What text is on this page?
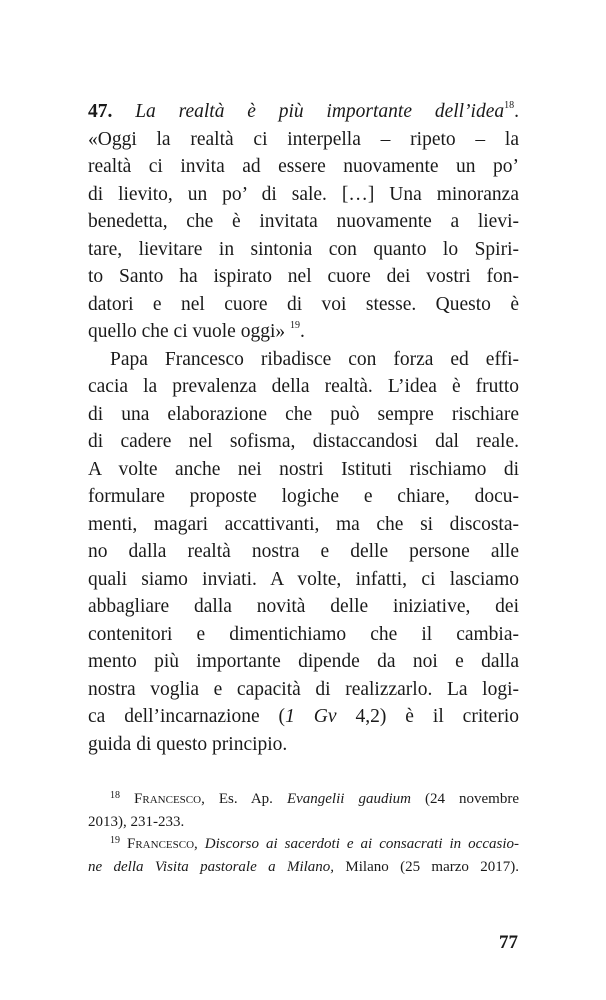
47. La realtà è più importante dell’idea$^{18}$.
«Oggi la realtà ci interpella – ripeto – la
realtà ci invita ad essere nuovamente un po’
di lievito, un po’ di sale. […] Una minoranza
benedetta, che è invitata nuovamente a lievi-
tare, lievitare in sintonia con quanto lo Spiri-
to Santo ha ispirato nel cuore dei vostri fon-
datori e nel cuore di voi stesse. Questo è
quello che ci vuole oggi» $^{19}$.
Papa Francesco ribadisce con forza ed effi-
cacia la prevalenza della realtà. L’idea è frutto
di una elaborazione che può sempre rischiare
di cadere nel sofisma, distaccandosi dal reale.
A volte anche nei nostri Istituti rischiamo di
formulare proposte logiche e chiare, docu-
menti, magari accattivanti, ma che si discosta-
no dalla realtà nostra e delle persone alle
quali siamo inviati. A volte, infatti, ci lasciamo
abbagliare dalla novità delle iniziative, dei
contenitori e dimentichiamo che il cambia-
mento più importante dipende da noi e dalla
nostra voglia e capacità di realizzarlo. La logi-
ca dell’incarnazione (1 Gv 4,2) è il criterio
guida di questo principio.
$^{18}$ Francesco, Es. Ap. Evangelii gaudium (24 novembre
2013), 231-233.
$^{19}$ Francesco, Discorso ai sacerdoti e ai consacrati in occasio-
ne della Visita pastorale a Milano, Milano (25 marzo 2017).
77
